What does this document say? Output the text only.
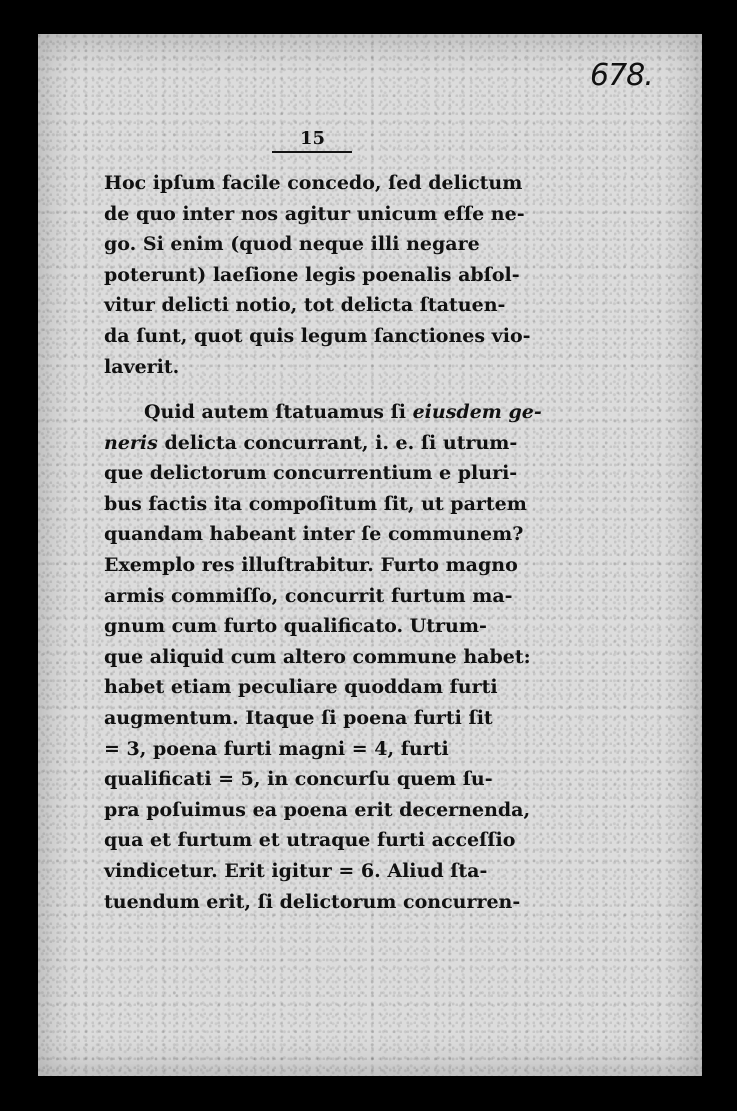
678.
15
Hoc ipſum facile concedo, ſed delictum
de quo inter nos agitur unicum eſſe ne-
go. Si enim (quod neque illi negare
poterunt) laeſione legis poenalis abſol-
vitur delicti notio, tot delicta ſtatuen-
da ſunt, quot quis legum ſanctiones vio-
laverit.
Quid autem ſtatuamus ſi eiusdem ge-
neris delicta concurrant, i. e. ſi utrum-
que delictorum concurrentium e pluri-
bus factis ita compoſitum ſit, ut partem
quandam habeant inter ſe communem?
Exemplo res illuſtrabitur. Furto magno
armis commiſſo, concurrit furtum ma-
gnum cum furto qualificato. Utrum-
que aliquid cum altero commune habet:
habet etiam peculiare quoddam furti
augmentum. Itaque ſi poena furti ſit
= 3, poena furti magni = 4, furti
qualificati = 5, in concurſu quem ſu-
pra poſuimus ea poena erit decernenda,
qua et furtum et utraque furti acceſſio
vindicetur. Erit igitur = 6. Aliud ſta-
tuendum erit, ſi delictorum concurren-
